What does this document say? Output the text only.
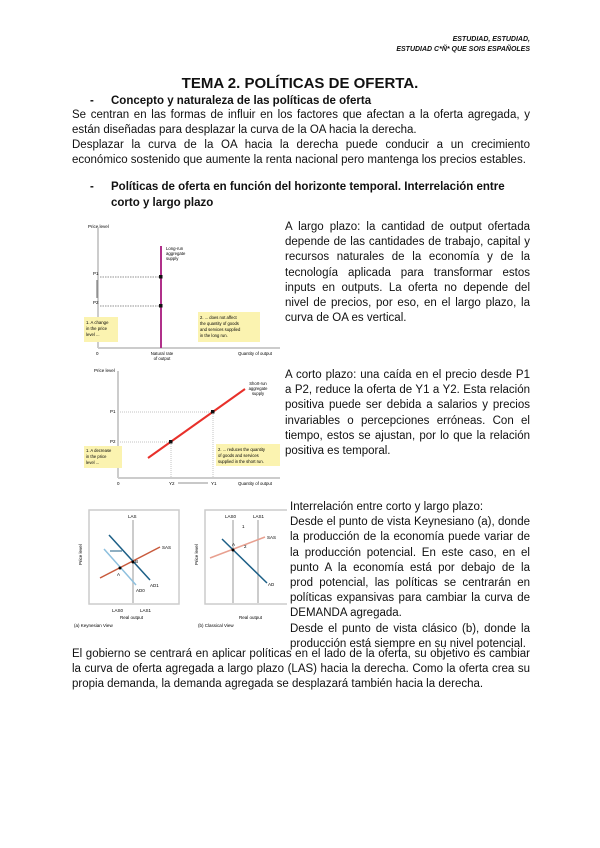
ESTUDIAD, ESTUDIAD,
ESTUDIAD C*Ñ* QUE SOIS ESPAÑOLES
TEMA 2. POLÍTICAS DE OFERTA.
- Concepto y naturaleza de las políticas de oferta
Se centran en las formas de influir en los factores que afectan a la oferta agregada, y están diseñadas para desplazar la curva de la OA hacia la derecha.
Desplazar la curva de la OA hacia la derecha puede conducir a un crecimiento económico sostenido que aumente la renta nacional pero mantenga los precios estables.
- Políticas de oferta en función del horizonte temporal. Interrelación entre corto y largo plazo
Price level
Long-run aggregate supply
P1
P2
1. A change in the price level ...
2. ... does not affect the quantity of goods and services supplied in the long run.
0	Natural rate of output
Quantity of output
A largo plazo: la cantidad de output ofertada depende de las cantidades de trabajo, capital y recursos naturales de la economía y de la tecnología aplicada para transformar estos inputs en outputs. La oferta no depende del nivel de precios, por eso, en el largo plazo, la curva de OA es vertical.
Price level
Short-run aggregate supply
P1
P2
1. A decrease in the price level ...
2. ... reduces the quantity of goods and services supplied in the short run.
0	Y2	Y1	Quantity of output
A corto plazo: una caída en el precio desde P1 a P2, reduce la oferta de Y1 a Y2. Esta relación positiva puede ser debida a salarios y precios invariables o percepciones erróneas. Con el tiempo, estos se ajustan, por lo que la relación positiva es temporal.
Price level
LAS
SAS
AD1
AD0
B
A
LAS0	LAS1
Real output
(a) Keynesian View
Price level
LAS0	LAS1
SAS
AD
A
1
2
Real output
(b) Classical View
Interrelación entre corto y largo plazo:
Desde el punto de vista Keynesiano (a), donde la producción de la economía puede variar de la producción potencial. En este caso, en el punto A la economía está por debajo de la prod potencial, las políticas se centrarán en políticas expansivas para cambiar la curva de DEMANDA agregada.
Desde el punto de vista clásico (b), donde la producción está siempre en su nivel potencial.
El gobierno se centrará en aplicar políticas en el lado de la oferta, su objetivo es cambiar la curva de oferta agregada a largo plazo (LAS) hacia la derecha. Como la oferta crea su propia demanda, la demanda agregada se desplazará también hacia la derecha.
